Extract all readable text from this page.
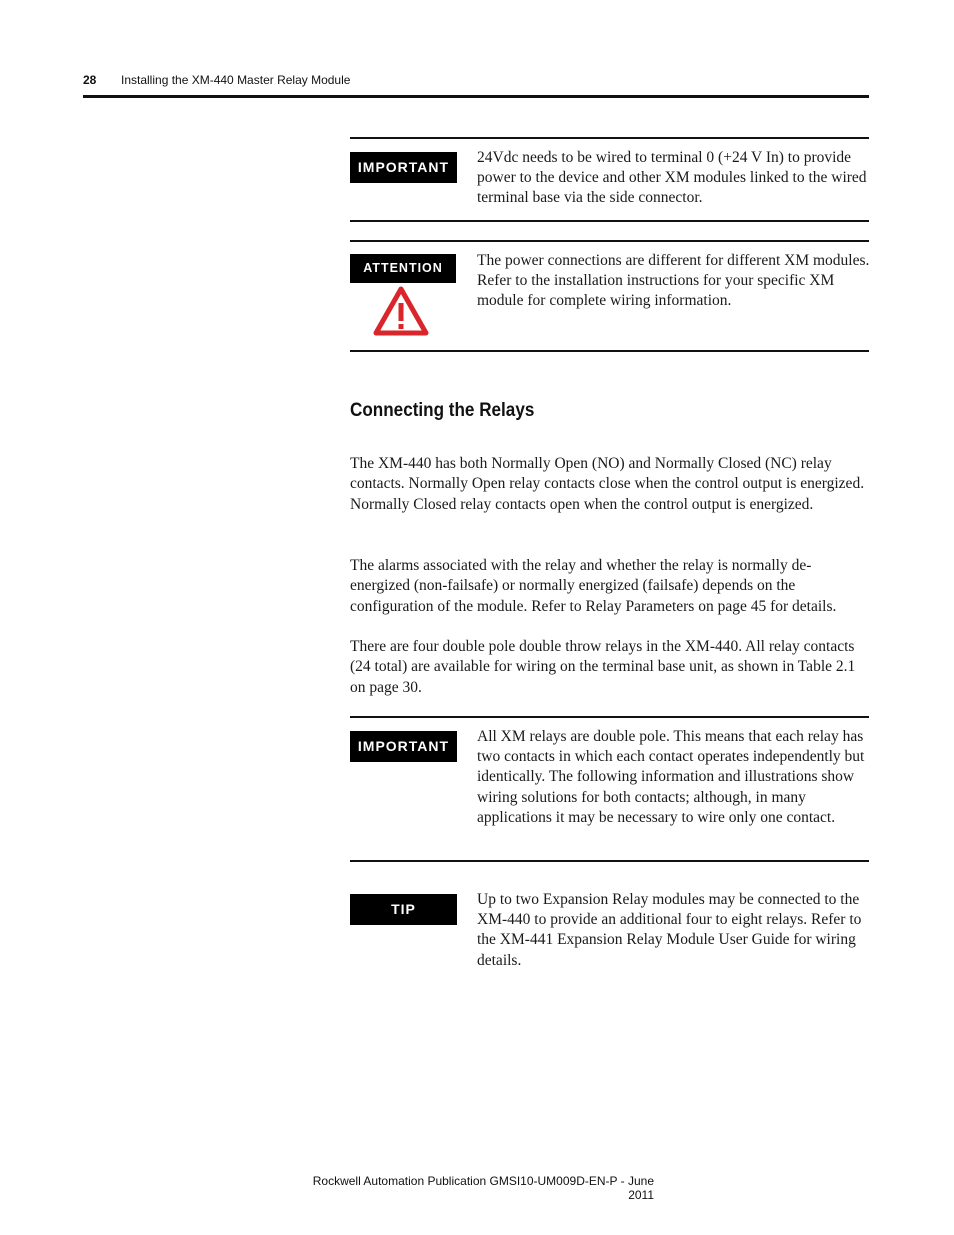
28 Installing the XM-440 Master Relay Module
IMPORTANT
24Vdc needs to be wired to terminal 0 (+24 V In) to provide power to the device and other XM modules linked to the wired terminal base via the side connector.
ATTENTION	The power connections are different for different XM modules. Refer to the installation instructions for your specific XM module for complete wiring information.
Connecting the Relays

The XM-440 has both Normally Open (NO) and Normally Closed (NC) relay contacts. Normally Open relay contacts close when the control output is energized. Normally Closed relay contacts open when the control output is energized.

The alarms associated with the relay and whether the relay is normally de-energized (non-failsafe) or normally energized (failsafe) depends on the configuration of the module. Refer to Relay Parameters on page 45 for details.

There are four double pole double throw relays in the XM-440. All relay contacts (24 total) are available for wiring on the terminal base unit, as shown in Table 2.1 on page 30.

IMPORTANT
All XM relays are double pole. This means that each relay has two contacts in which each contact operates independently but identically. The following information and illustrations show wiring solutions for both contacts; although, in many applications it may be necessary to wire only one contact.
TIP
Up to two Expansion Relay modules may be connected to the XM-440 to provide an additional four to eight relays. Refer to the XM-441 Expansion Relay Module User Guide for wiring details.
Rockwell Automation Publication GMSI10-UM009D-EN-P - June 2011
